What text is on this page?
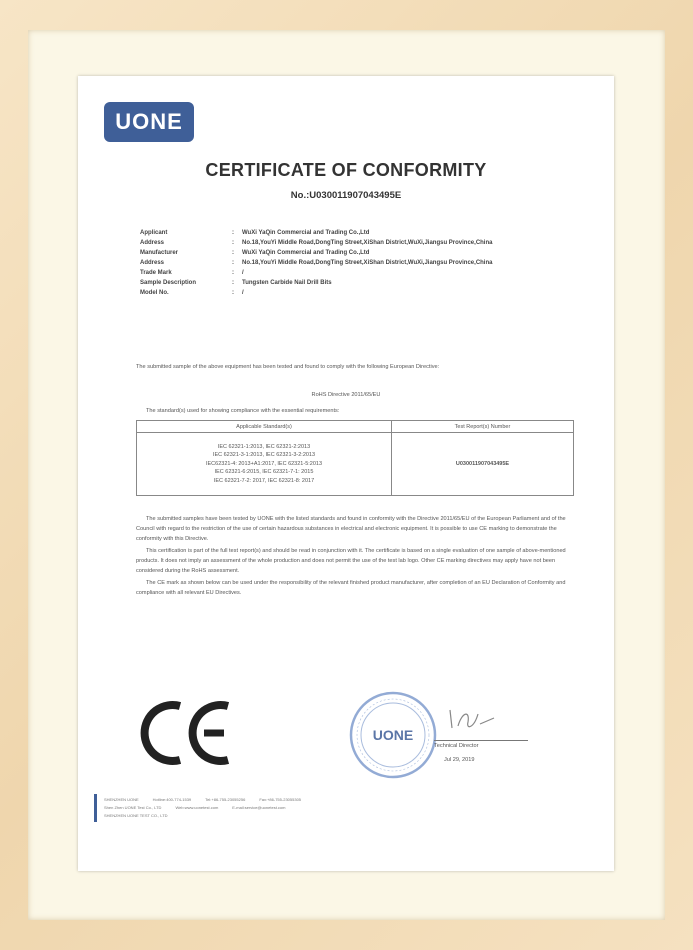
UONE
CERTIFICATE OF CONFORMITY
No.:U030011907043495E
Applicant	:	WuXi YaQin Commercial and Trading Co.,Ltd
Address	:	No.18,YouYi Middle Road,DongTing Street,XiShan District,WuXi,Jiangsu Province,China
Manufacturer	:	WuXi YaQin Commercial and Trading Co.,Ltd
Address	:	No.18,YouYi Middle Road,DongTing Street,XiShan District,WuXi,Jiangsu Province,China
Trade Mark	:	/
Sample Description	:	Tungsten Carbide Nail Drill Bits
Model No.	:	/

The submitted sample of the above equipment has been tested and found to comply with the following European Directive:

RoHS Directive 2011/65/EU

The standard(s) used for showing compliance with the essential requirements:

Applicable Standard(s)	Test Report(s) Number
IEC 62321-1:2013, IEC 62321-2:2013
IEC 62321-3-1:2013, IEC 62321-3-2:2013
IEC62321-4: 2013+A1:2017, IEC 62321-5:2013
IEC 62321-6:2015, IEC 62321-7-1: 2015
IEC 62321-7-2: 2017, IEC 62321-8: 2017
U030011907043495E

The submitted samples have been tested by UONE with the listed standards and found in conformity with the Directive 2011/65/EU of the European Parliament and of the Council with regard to the restriction of the use of certain hazardous substances in electrical and electronic equipment. It is possible to use CE marking to demonstrate the conformity with this Directive.

This certification is part of the full test report(s) and should be read in conjunction with it. The certificate is based on a single evaluation of one sample of above-mentioned products. It does not imply an assessment of the whole production and does not permit the use of the test lab logo. Other CE marking directives may apply have not been considered during the RoHS assessment.

The CE mark as shown below can be used under the responsibility of the relevant finished product manufacturer, after completion of an EU Declaration of Conformity and compliance with all relevant EU Directives.

CE	UONE
Technical Director
Jul 29, 2019
SHENZHEN UONE	Hotline:400-774-1539	Tel:+86-755-23055256	Fax:+86-755-23055305
Shen Zhen UONE Test Co., LTD	Web:www.uonetest.com	E-mail:service@uonetest.com
SHENZHEN UONE TEST CO., LTD
